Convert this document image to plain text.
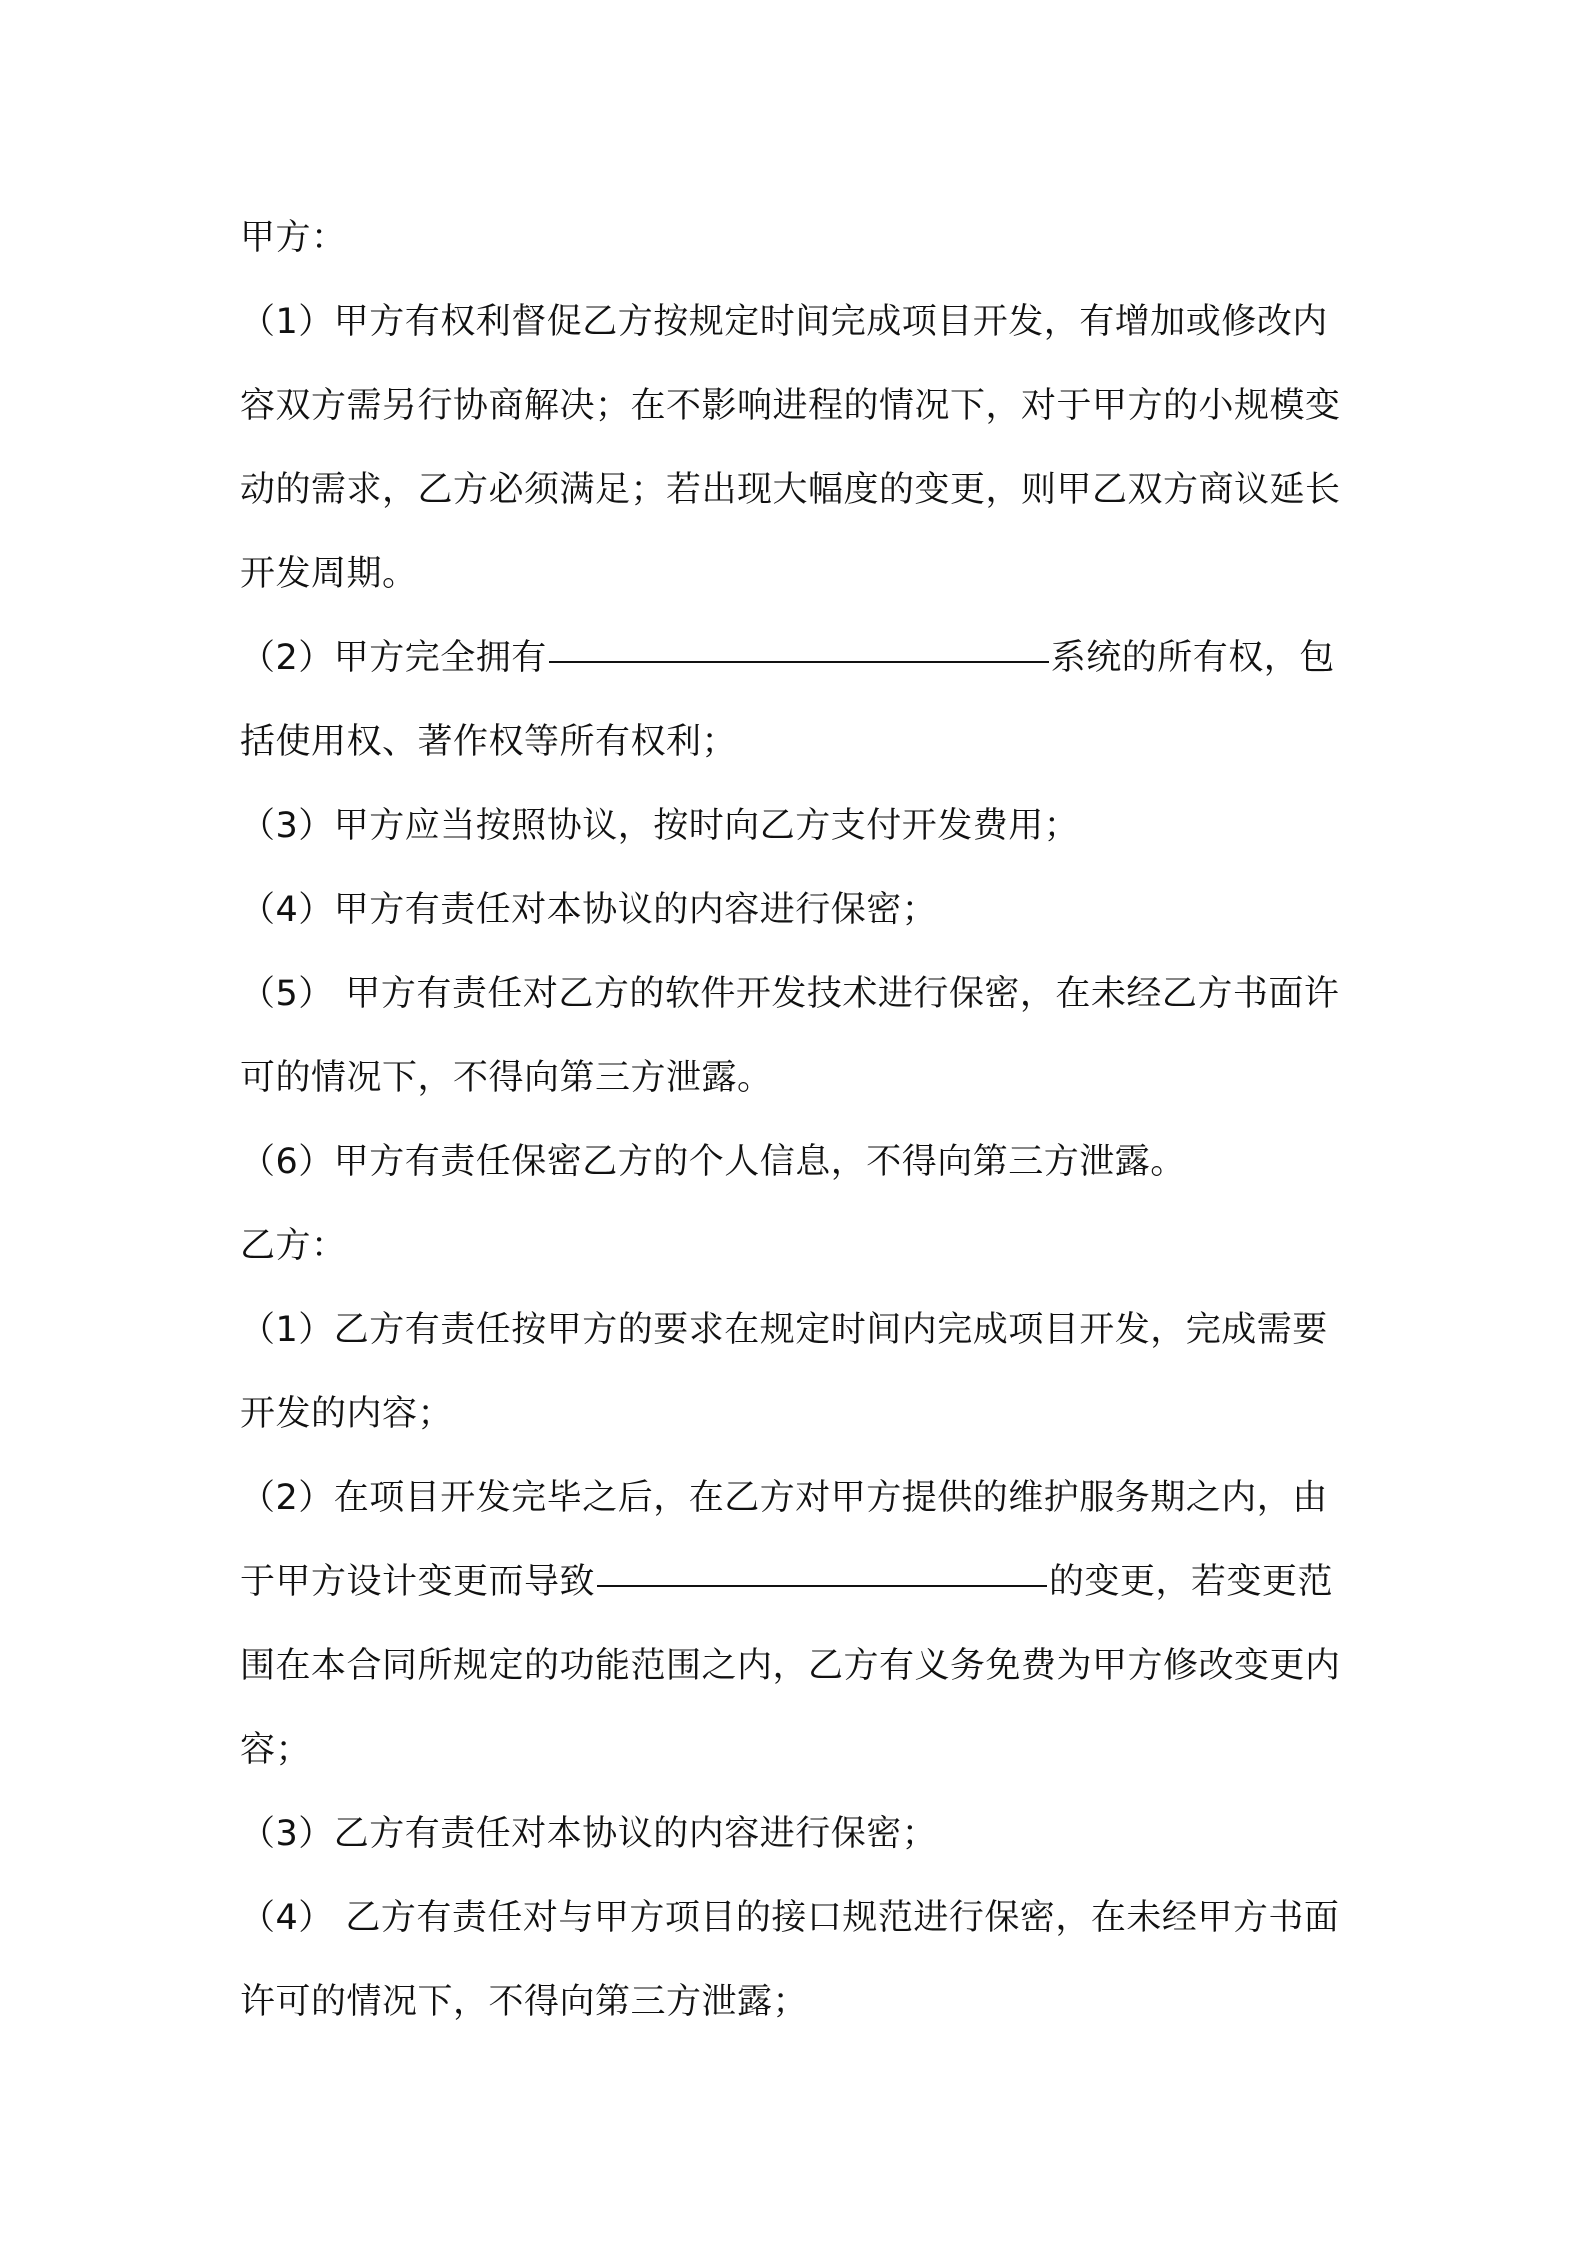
甲方：

（1）甲方有权利督促乙方按规定时间完成项目开发，有增加或修改内容双方需另行协商解决；在不影响进程的情况下，对于甲方的小规模变动的需求，乙方必须满足；若出现大幅度的变更，则甲乙双方商议延长开发周期。

（2）甲方完全拥有	系统的所有权，包括使用权、著作权等所有权利；

（3）甲方应当按照协议，按时向乙方支付开发费用；

（4）甲方有责任对本协议的内容进行保密；

（5） 甲方有责任对乙方的软件开发技术进行保密，在未经乙方书面许可的情况下，不得向第三方泄露。

（6）甲方有责任保密乙方的个人信息，不得向第三方泄露。

乙方：

（1）乙方有责任按甲方的要求在规定时间内完成项目开发，完成需要开发的内容；

（2）在项目开发完毕之后，在乙方对甲方提供的维护服务期之内，由于甲方设计变更而导致	的变更，若变更范围在本合同所规定的功能范围之内，乙方有义务免费为甲方修改变更内容；

（3）乙方有责任对本协议的内容进行保密；

（4） 乙方有责任对与甲方项目的接口规范进行保密，在未经甲方书面许可的情况下，不得向第三方泄露；
